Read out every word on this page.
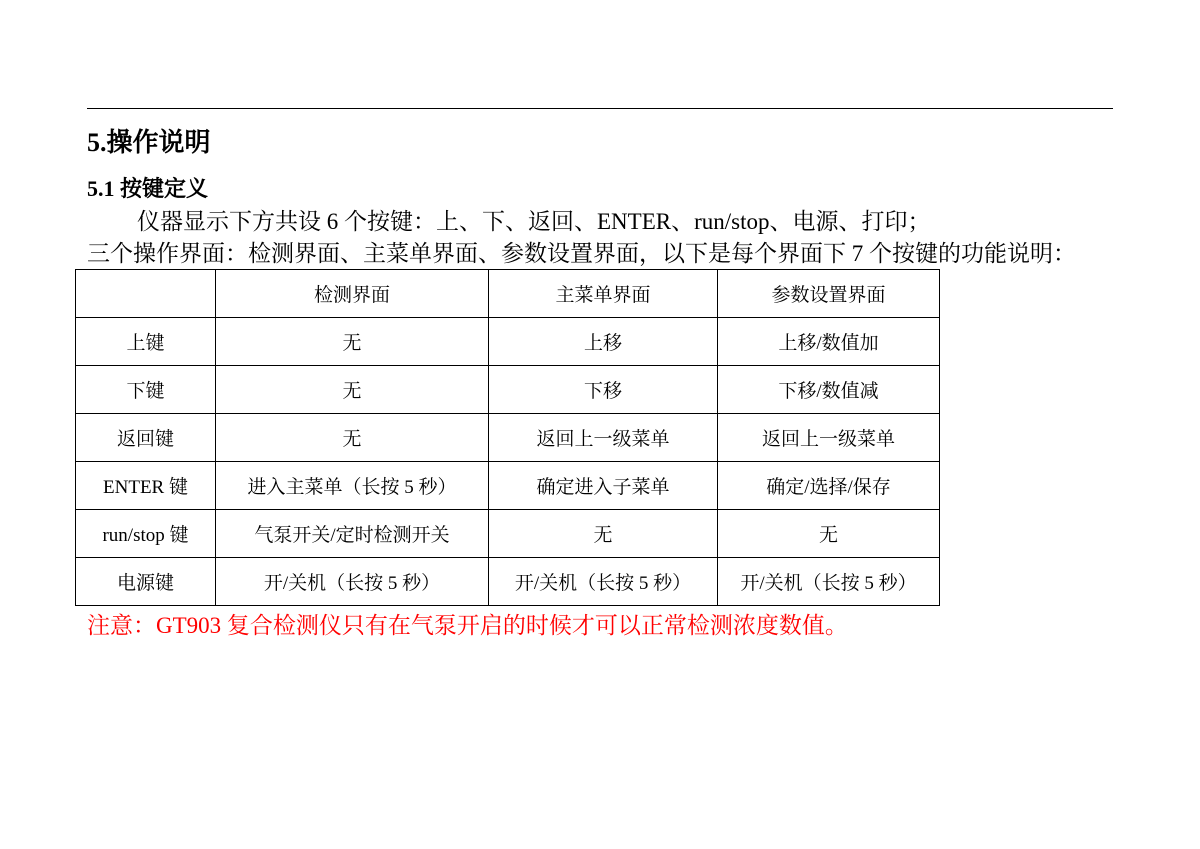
5.操作说明
5.1 按键定义

仪器显示下方共设 6 个按键：上、下、返回、ENTER、run/stop、电源、打印；

三个操作界面：检测界面、主菜单界面、参数设置界面，以下是每个界面下 7 个按键的功能说明：

	检测界面	主菜单界面	参数设置界面
上键	无	上移	上移/数值加
下键	无	下移	下移/数值减
返回键	无	返回上一级菜单	返回上一级菜单
ENTER 键	进入主菜单（长按 5 秒）	确定进入子菜单	确定/选择/保存
run/stop 键	气泵开关/定时检测开关	无	无
电源键	开/关机（长按 5 秒）	开/关机（长按 5 秒）	开/关机（长按 5 秒）

注意：GT903 复合检测仪只有在气泵开启的时候才可以正常检测浓度数值。
